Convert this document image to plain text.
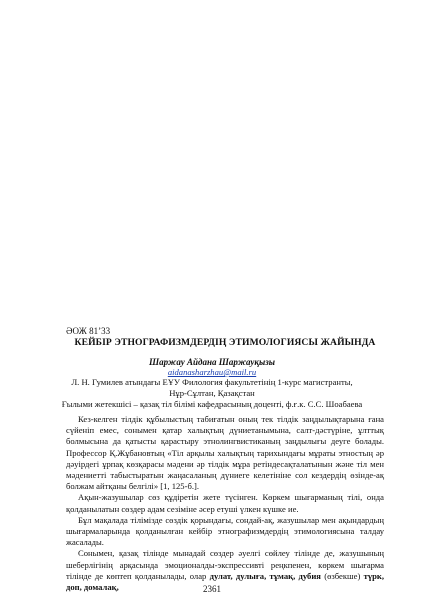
ӘОЖ 81’33
КЕЙБІР ЭТНОГРАФИЗМДЕРДІҢ ЭТИМОЛОГИЯСЫ ЖАЙЫНДА
Шаржау Айдана Шаржауқызы
aidanasharzhau@mail.ru
Л. Н. Гумилев атындағы ЕҰУ Филология факультетінің 1-курс магистранты,
Нұр-Сұлтан, Қазақстан
Ғылыми жетекшісі – қазақ тіл білімі кафедрасының доценті, ф.ғ.к. С.С. Шоабаева

Кез-келген тілдік құбылыстың табиғатын оның тек тілдік заңдылықтарына ғана сүйеніп емес, сонымен қатар халықтың дүниетанымына, салт-дәстүріне, ұлттық болмысына да қатысты қарастыру этнолингвистиканың заңдылығы деуге болады. Профессор Қ.Жұбановтың «Тіл арқылы халықтың тарихындағы мұраты этностың әр дәуірдегі ұрпақ көзқарасы мәдени әр тілдік мұра ретіндесақталатынын және тіл мен мәдениетті табыстыратын жаңасаланың дүниеге келетініне сол кездердің өзінде-ақ болжам айтқаны белгілі» [1, 125-б.].

Ақын-жазушылар сөз құдіретін жете түсінген. Көркем шығарманың тілі, онда қолданылатын сөздер адам сезіміне әсер етуші үлкен күшке ие.

Бұл мақалада тілімізде сөздік қорындағы, сондай-ақ, жазушылар мен ақындардың шығармаларында қолданылған кейбір этнографизмдердің этимологиясына талдау жасалады.

Сонымен, қазақ тілінде мынадай сөздер әуелгі сөйлеу тілінде де, жазушының шеберлігінің арқасында эмоционалды-экспрессивті реңкпенен, көркем шығарма тілінде де көптеп қолданылады, олар дулат, дулыға, тұмақ, дубия (өзбекше) түрк, доп, домалақ,	2361
